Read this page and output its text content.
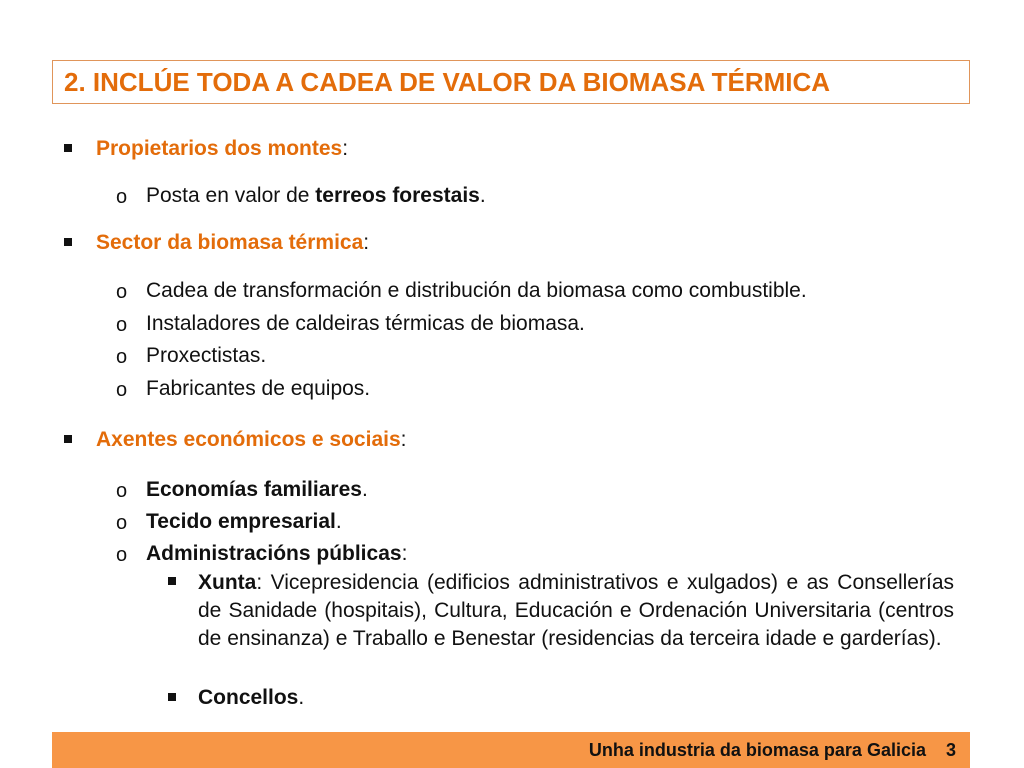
2. INCLÚE TODA A CADEA DE VALOR DA BIOMASA TÉRMICA
Propietarios dos montes:
o Posta en valor de terreos forestais.
Sector da biomasa térmica:
o Cadea de transformación e distribución da biomasa como combustible.
o Instaladores de caldeiras térmicas de biomasa.
o Proxectistas.
o Fabricantes de equipos.
Axentes económicos e sociais:
o Economías familiares.
o Tecido empresarial.
o Administracións públicas:
Xunta: Vicepresidencia (edificios administrativos e xulgados) e as Consellerías de Sanidade (hospitais), Cultura, Educación e Ordenación Universitaria (centros de ensinanza) e Traballo e Benestar (residencias da terceira idade e garderías).
Concellos.
Unha industria da biomasa para Galicia 3
